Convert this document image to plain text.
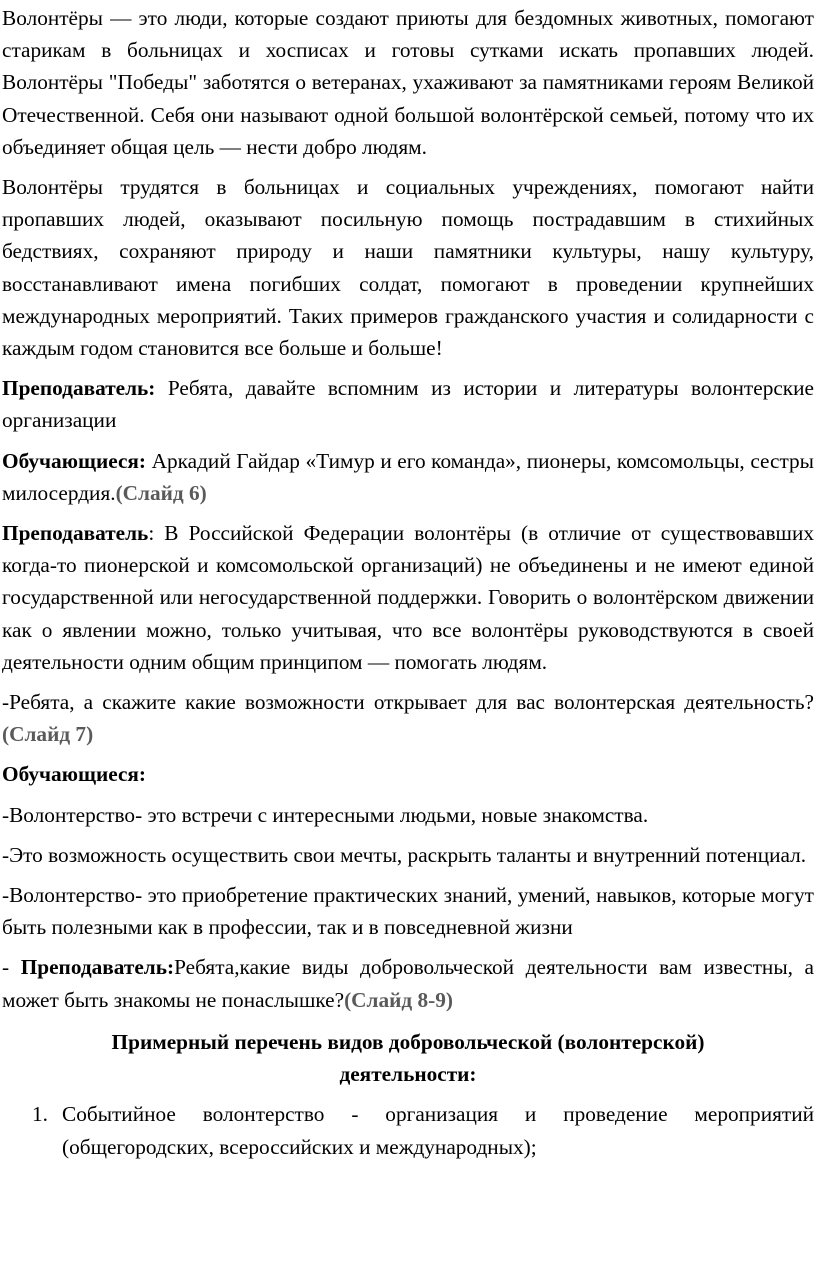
Волонтёры — это люди, которые создают приюты для бездомных животных, помогают старикам в больницах и хосписах и готовы сутками искать пропавших людей. Волонтёры "Победы" заботятся о ветеранах, ухаживают за памятниками героям Великой Отечественной. Себя они называют одной большой волонтёрской семьей, потому что их объединяет общая цель — нести добро людям.

Волонтёры трудятся в больницах и социальных учреждениях, помогают найти пропавших людей, оказывают посильную помощь пострадавшим в стихийных бедствиях, сохраняют природу и наши памятники культуры, нашу культуру, восстанавливают имена погибших солдат, помогают в проведении крупнейших международных мероприятий. Таких примеров гражданского участия и солидарности с каждым годом становится все больше и больше!

Преподаватель: Ребята, давайте вспомним из истории и литературы волонтерские организации

Обучающиеся: Аркадий Гайдар «Тимур и его команда», пионеры, комсомольцы, сестры милосердия.(Слайд 6)

Преподаватель: В Российской Федерации волонтёры (в отличие от существовавших когда-то пионерской и комсомольской организаций) не объединены и не имеют единой государственной или негосударственной поддержки. Говорить о волонтёрском движении как о явлении можно, только учитывая, что все волонтёры руководствуются в своей деятельности одним общим принципом — помогать людям.

-Ребята, а скажите какие возможности открывает для вас волонтерская деятельность?(Слайд 7)

Обучающиеся:

-Волонтерство- это встречи с интересными людьми, новые знакомства.

-Это возможность осуществить свои мечты, раскрыть таланты и внутренний потенциал.

-Волонтерство- это приобретение практических знаний, умений, навыков, которые могут быть полезными как в профессии, так и в повседневной жизни

- Преподаватель:Ребята,какие виды добровольческой деятельности вам известны, а может быть знакомы не понаслышке?(Слайд 8-9)

Примерный перечень видов добровольческой (волонтерской) деятельности:

1. Событийное волонтерство - организация и проведение мероприятий (общегородских, всероссийских и международных);
